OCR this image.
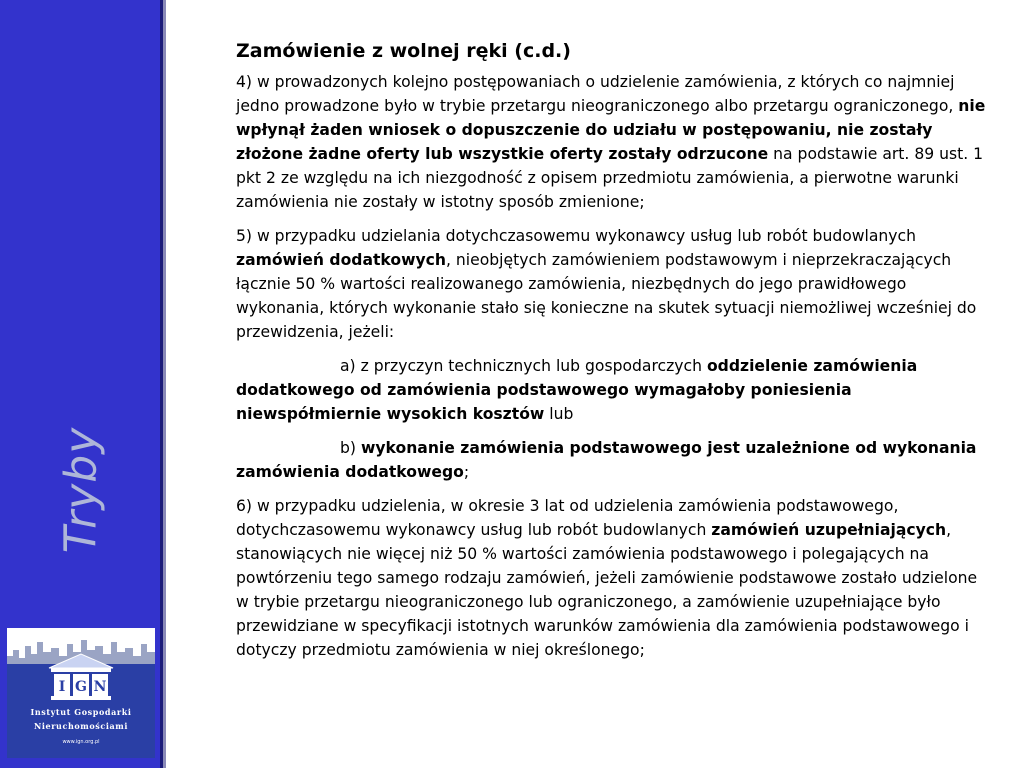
Tryby
I G N
Instytut Gospodarki
Nieruchomościami
www.ign.org.pl
Zamówienie z wolnej ręki (c.d.)

4) w prowadzonych kolejno postępowaniach o udzielenie zamówienia, z których co najmniej jedno prowadzone było w trybie przetargu nieograniczonego albo przetargu ograniczonego, nie wpłynął żaden wniosek o dopuszczenie do udziału w postępowaniu, nie zostały złożone żadne oferty lub wszystkie oferty zostały odrzucone na podstawie art. 89 ust. 1 pkt 2 ze względu na ich niezgodność z opisem przedmiotu zamówienia, a pierwotne warunki zamówienia nie zostały w istotny sposób zmienione;

5) w przypadku udzielania dotychczasowemu wykonawcy usług lub robót budowlanych zamówień dodatkowych, nieobjętych zamówieniem podstawowym i nieprzekraczających łącznie 50 % wartości realizowanego zamówienia, niezbędnych do jego prawidłowego wykonania, których wykonanie stało się konieczne na skutek sytuacji niemożliwej wcześniej do przewidzenia, jeżeli:

a) z przyczyn technicznych lub gospodarczych oddzielenie zamówienia dodatkowego od zamówienia podstawowego wymagałoby poniesienia niewspółmiernie wysokich kosztów lub

b) wykonanie zamówienia podstawowego jest uzależnione od wykonania zamówienia dodatkowego;

6) w przypadku udzielenia, w okresie 3 lat od udzielenia zamówienia podstawowego, dotychczasowemu wykonawcy usług lub robót budowlanych zamówień uzupełniających, stanowiących nie więcej niż 50 % wartości zamówienia podstawowego i polegających na powtórzeniu tego samego rodzaju zamówień, jeżeli zamówienie podstawowe zostało udzielone w trybie przetargu nieograniczonego lub ograniczonego, a zamówienie uzupełniające było przewidziane w specyfikacji istotnych warunków zamówienia dla zamówienia podstawowego i dotyczy przedmiotu zamówienia w niej określonego;
